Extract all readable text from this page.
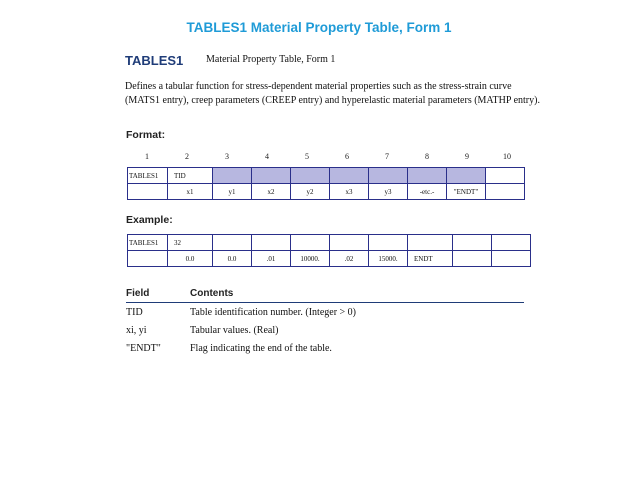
TABLES1 Material Property Table, Form 1
TABLES1 Material Property Table, Form 1
Defines a tabular function for stress-dependent material properties such as the stress-strain curve (MATS1 entry), creep parameters (CREEP entry) and hyperelastic material parameters (MATHP entry).
Format:
1	2	3	4	5	6	7	8	9	10
TABLES1	TID								
	x1	y1	x2	y2	x3	y3	-etc.-	"ENDT"	
Example:
TABLES1	32								
	0.0	0.0	.01	10000.	.02	15000.	ENDT		
Field	Contents
TID	Table identification number. (Integer > 0)
xi, yi	Tabular values. (Real)
"ENDT"	Flag indicating the end of the table.
